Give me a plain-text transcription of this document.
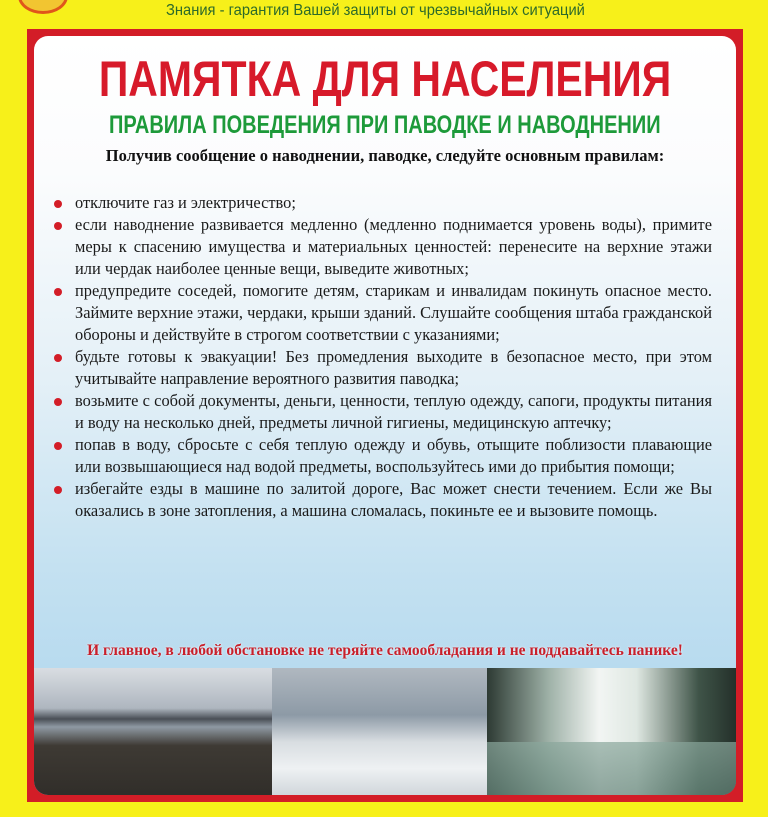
Знания - гарантия Вашей защиты от чрезвычайных ситуаций
ПАМЯТКА ДЛЯ НАСЕЛЕНИЯ
ПРАВИЛА ПОВЕДЕНИЯ ПРИ ПАВОДКЕ И НАВОДНЕНИИ
Получив сообщение о наводнении, паводке, следуйте основным правилам:
отключите газ и электричество;
если наводнение развивается медленно (медленно поднимается уровень воды), примите меры к спасению имущества и материальных ценностей: перенесите на верхние этажи или чердак наиболее ценные вещи, выведите животных;
предупредите соседей, помогите детям, старикам и инвалидам покинуть опасное место. Займите верхние этажи, чердаки, крыши зданий. Слушайте сообщения штаба гражданской обороны и действуйте в строгом соответствии с указаниями;
будьте готовы к эвакуации! Без промедления выходите в безопасное место, при этом учитывайте направление вероятного развития паводка;
возьмите с собой документы, деньги, ценности, теплую одежду, сапоги, продукты питания и воду на несколько дней, предметы личной гигиены, медицинскую аптечку;
попав в воду, сбросьте с себя теплую одежду и обувь, отыщите поблизости плавающие или возвышающиеся над водой предметы, воспользуйтесь ими до прибытия помощи;
избегайте езды в машине по залитой дороге, Вас может снести течением. Если же Вы оказались в зоне затопления, а машина сломалась, покиньте ее и вызовите помощь.
И главное, в любой обстановке не теряйте самообладания и не поддавайтесь панике!
